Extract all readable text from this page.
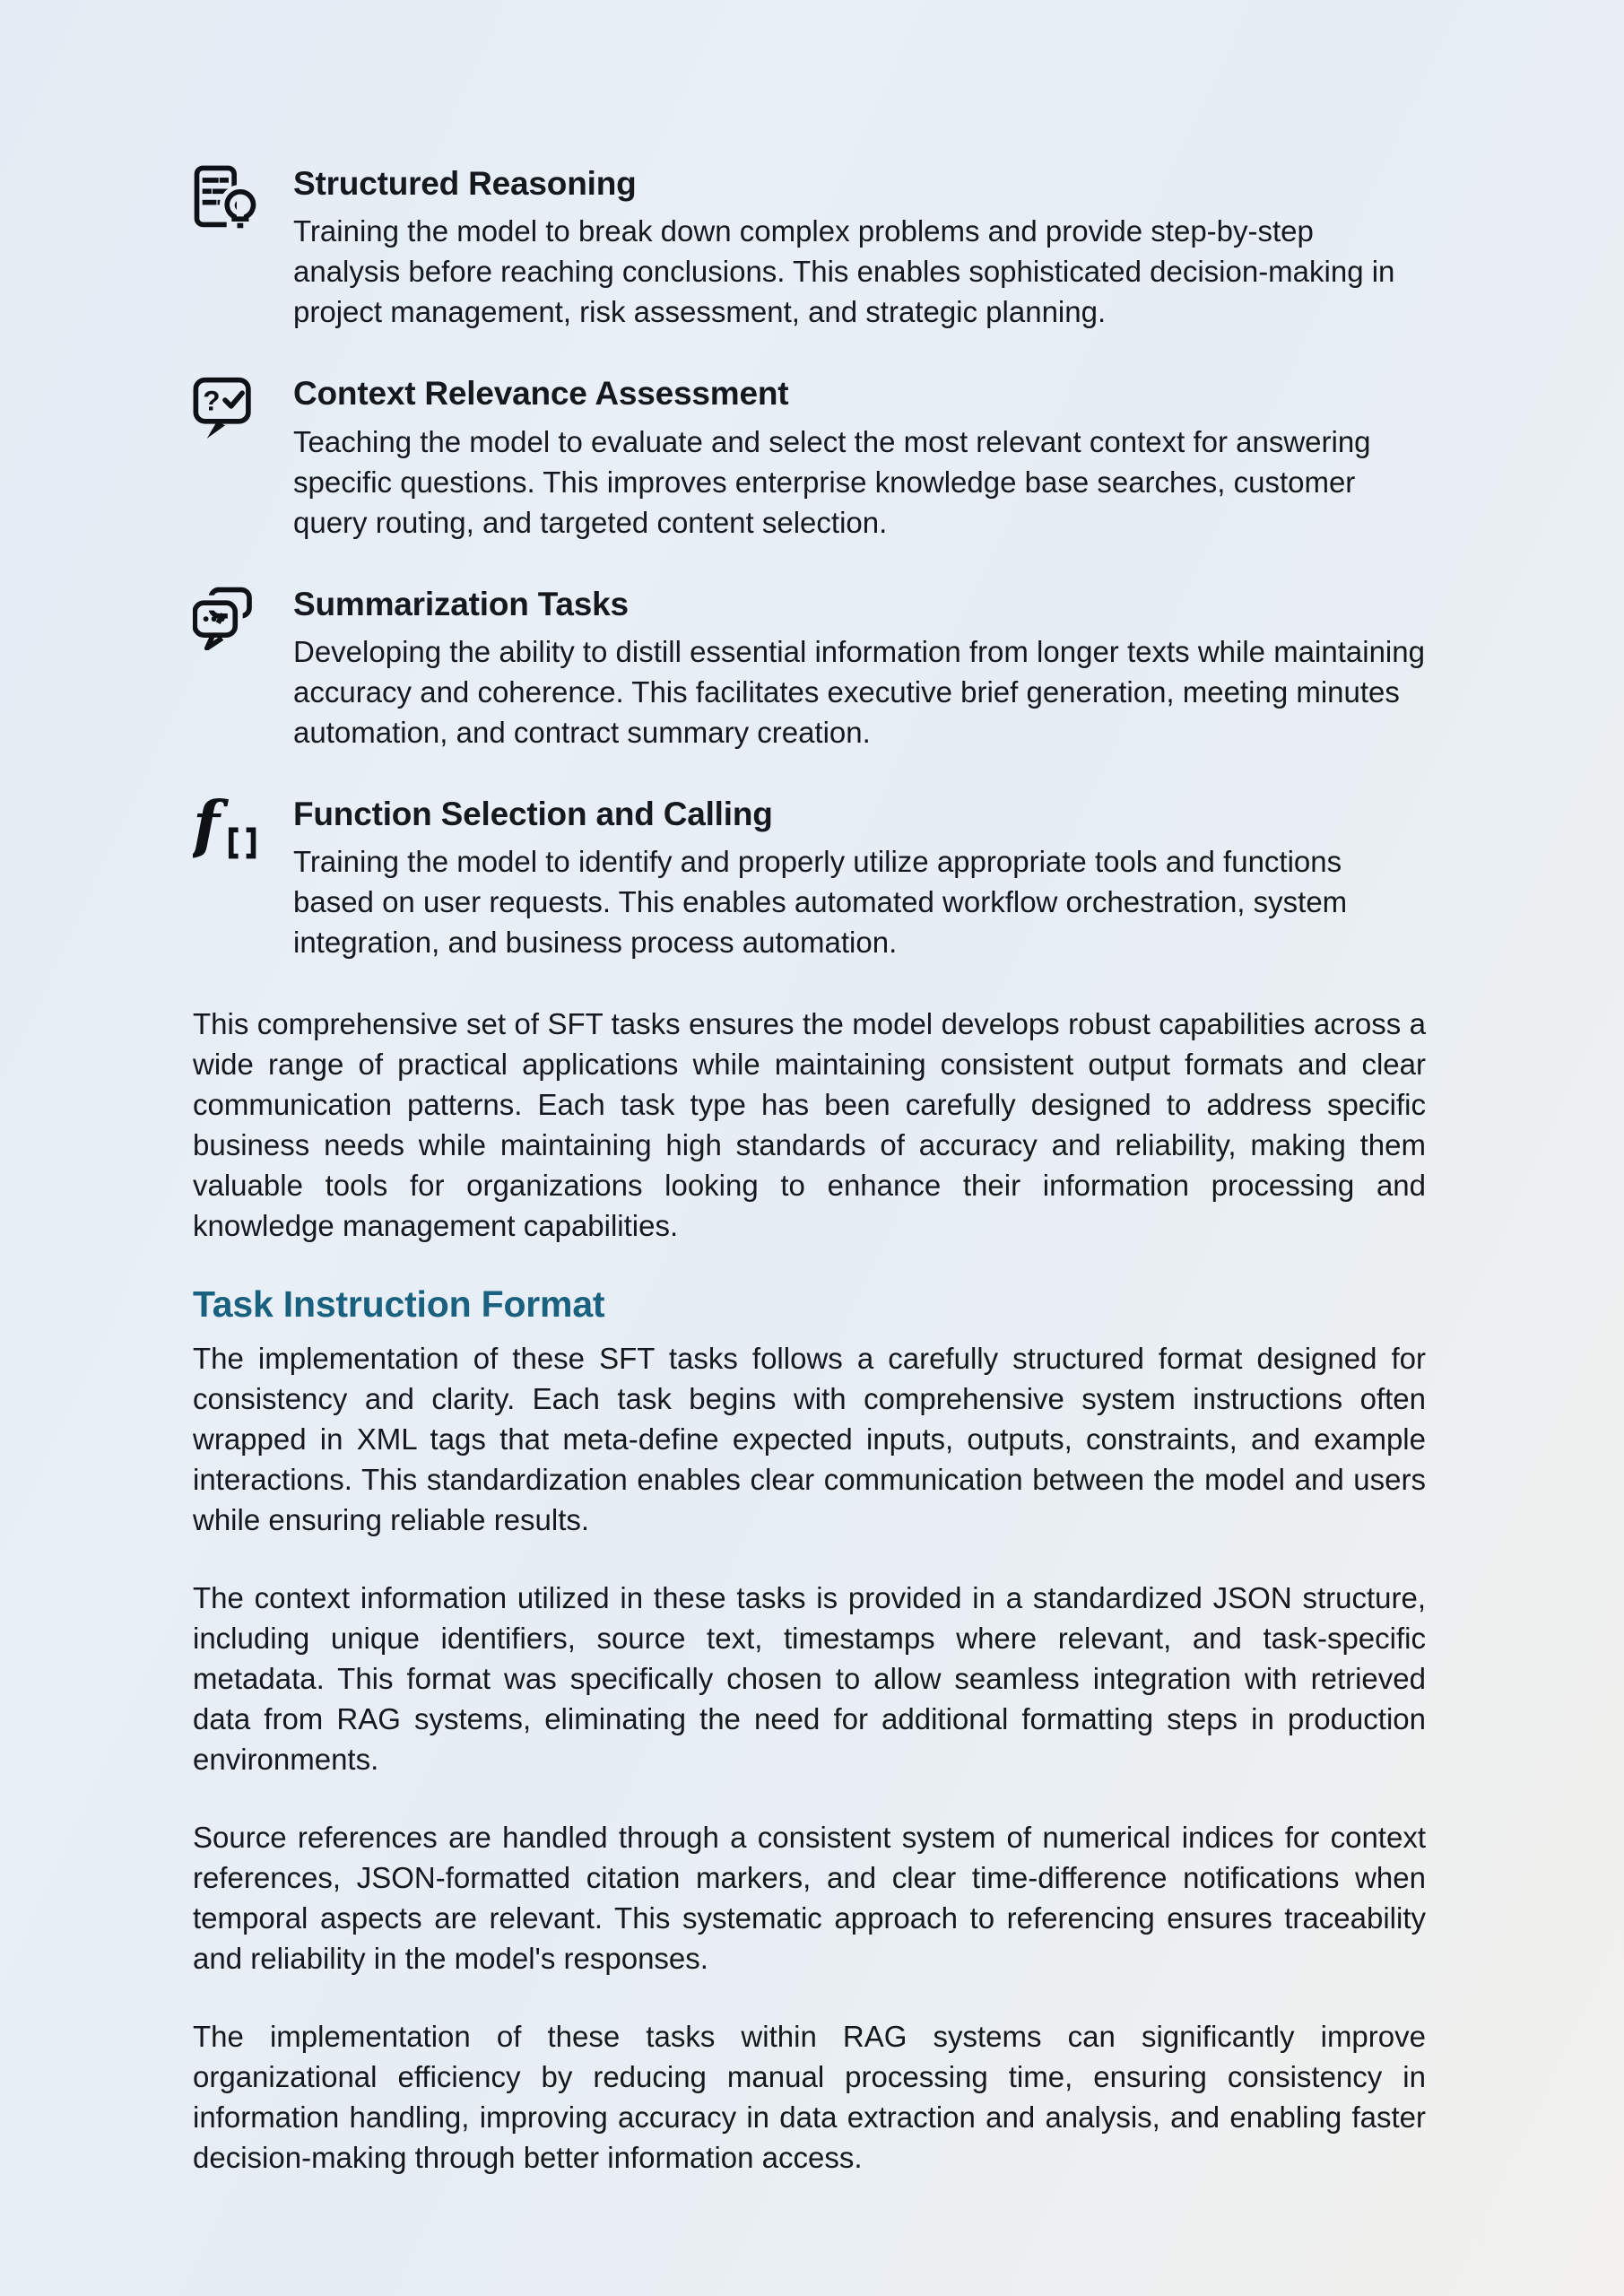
Structured Reasoning
Training the model to break down complex problems and provide step-by-step analysis before reaching conclusions. This enables sophisticated decision-making in project management, risk assessment, and strategic planning.
? Context Relevance Assessment
Teaching the model to evaluate and select the most relevant context for answering specific questions. This improves enterprise knowledge base searches, customer query routing, and targeted content selection.
Summarization Tasks
Developing the ability to distill essential information from longer texts while maintaining accuracy and coherence. This facilitates executive brief generation, meeting minutes automation, and contract summary creation.
f Function Selection and Calling
Training the model to identify and properly utilize appropriate tools and functions based on user requests. This enables automated workflow orchestration, system integration, and business process automation.

This comprehensive set of SFT tasks ensures the model develops robust capabilities across a wide range of practical applications while maintaining consistent output formats and clear communication patterns. Each task type has been carefully designed to address specific business needs while maintaining high standards of accuracy and reliability, making them valuable tools for organizations looking to enhance their information processing and knowledge management capabilities.

Task Instruction Format

The implementation of these SFT tasks follows a carefully structured format designed for consistency and clarity. Each task begins with comprehensive system instructions often wrapped in XML tags that meta-define expected inputs, outputs, constraints, and example interactions. This standardization enables clear communication between the model and users while ensuring reliable results.

The context information utilized in these tasks is provided in a standardized JSON structure, including unique identifiers, source text, timestamps where relevant, and task-specific metadata. This format was specifically chosen to allow seamless integration with retrieved data from RAG systems, eliminating the need for additional formatting steps in production environments.

Source references are handled through a consistent system of numerical indices for context references, JSON-formatted citation markers, and clear time-difference notifications when temporal aspects are relevant. This systematic approach to referencing ensures traceability and reliability in the model's responses.

The implementation of these tasks within RAG systems can significantly improve organizational efficiency by reducing manual processing time, ensuring consistency in information handling, improving accuracy in data extraction and analysis, and enabling faster decision-making through better information access.
